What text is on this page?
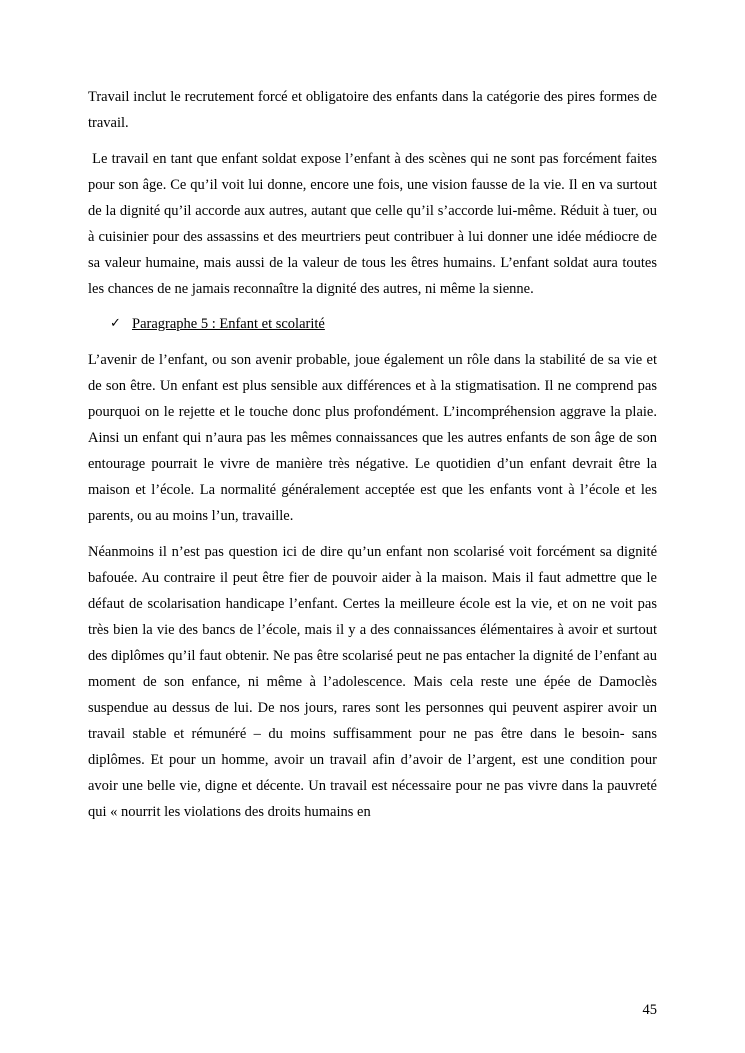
Travail inclut le recrutement forcé et obligatoire des enfants dans la catégorie des pires formes de travail.

Le travail en tant que enfant soldat expose l’enfant à des scènes qui ne sont pas forcément faites pour son âge. Ce qu’il voit lui donne, encore une fois, une vision fausse de la vie. Il en va surtout de la dignité qu’il accorde aux autres, autant que celle qu’il s’accorde lui-même. Réduit à tuer, ou à cuisinier pour des assassins et des meurtriers peut contribuer à lui donner une idée médiocre de sa valeur humaine, mais aussi de la valeur de tous les êtres humains. L’enfant soldat aura toutes les chances de ne jamais reconnaître la dignité des autres, ni même la sienne.

✓ Paragraphe 5 : Enfant et scolarité

L’avenir de l’enfant, ou son avenir probable, joue également un rôle dans la stabilité de sa vie et de son être. Un enfant est plus sensible aux différences et à la stigmatisation. Il ne comprend pas pourquoi on le rejette et le touche donc plus profondément. L’incompréhension aggrave la plaie. Ainsi un enfant qui n’aura pas les mêmes connaissances que les autres enfants de son âge de son entourage pourrait le vivre de manière très négative. Le quotidien d’un enfant devrait être la maison et l’école. La normalité généralement acceptée est que les enfants vont à l’école et les parents, ou au moins l’un, travaille.

Néanmoins il n’est pas question ici de dire qu’un enfant non scolarisé voit forcément sa dignité bafouée. Au contraire il peut être fier de pouvoir aider à la maison. Mais il faut admettre que le défaut de scolarisation handicape l’enfant. Certes la meilleure école est la vie, et on ne voit pas très bien la vie des bancs de l’école, mais il y a des connaissances élémentaires à avoir et surtout des diplômes qu’il faut obtenir. Ne pas être scolarisé peut ne pas entacher la dignité de l’enfant au moment de son enfance, ni même à l’adolescence. Mais cela reste une épée de Damoclès suspendue au dessus de lui. De nos jours, rares sont les personnes qui peuvent aspirer avoir un travail stable et rémunéré – du moins suffisamment pour ne pas être dans le besoin- sans diplômes. Et pour un homme, avoir un travail afin d’avoir de l’argent, est une condition pour avoir une belle vie, digne et décente. Un travail est nécessaire pour ne pas vivre dans la pauvreté qui « nourrit les violations des droits humains en

45
